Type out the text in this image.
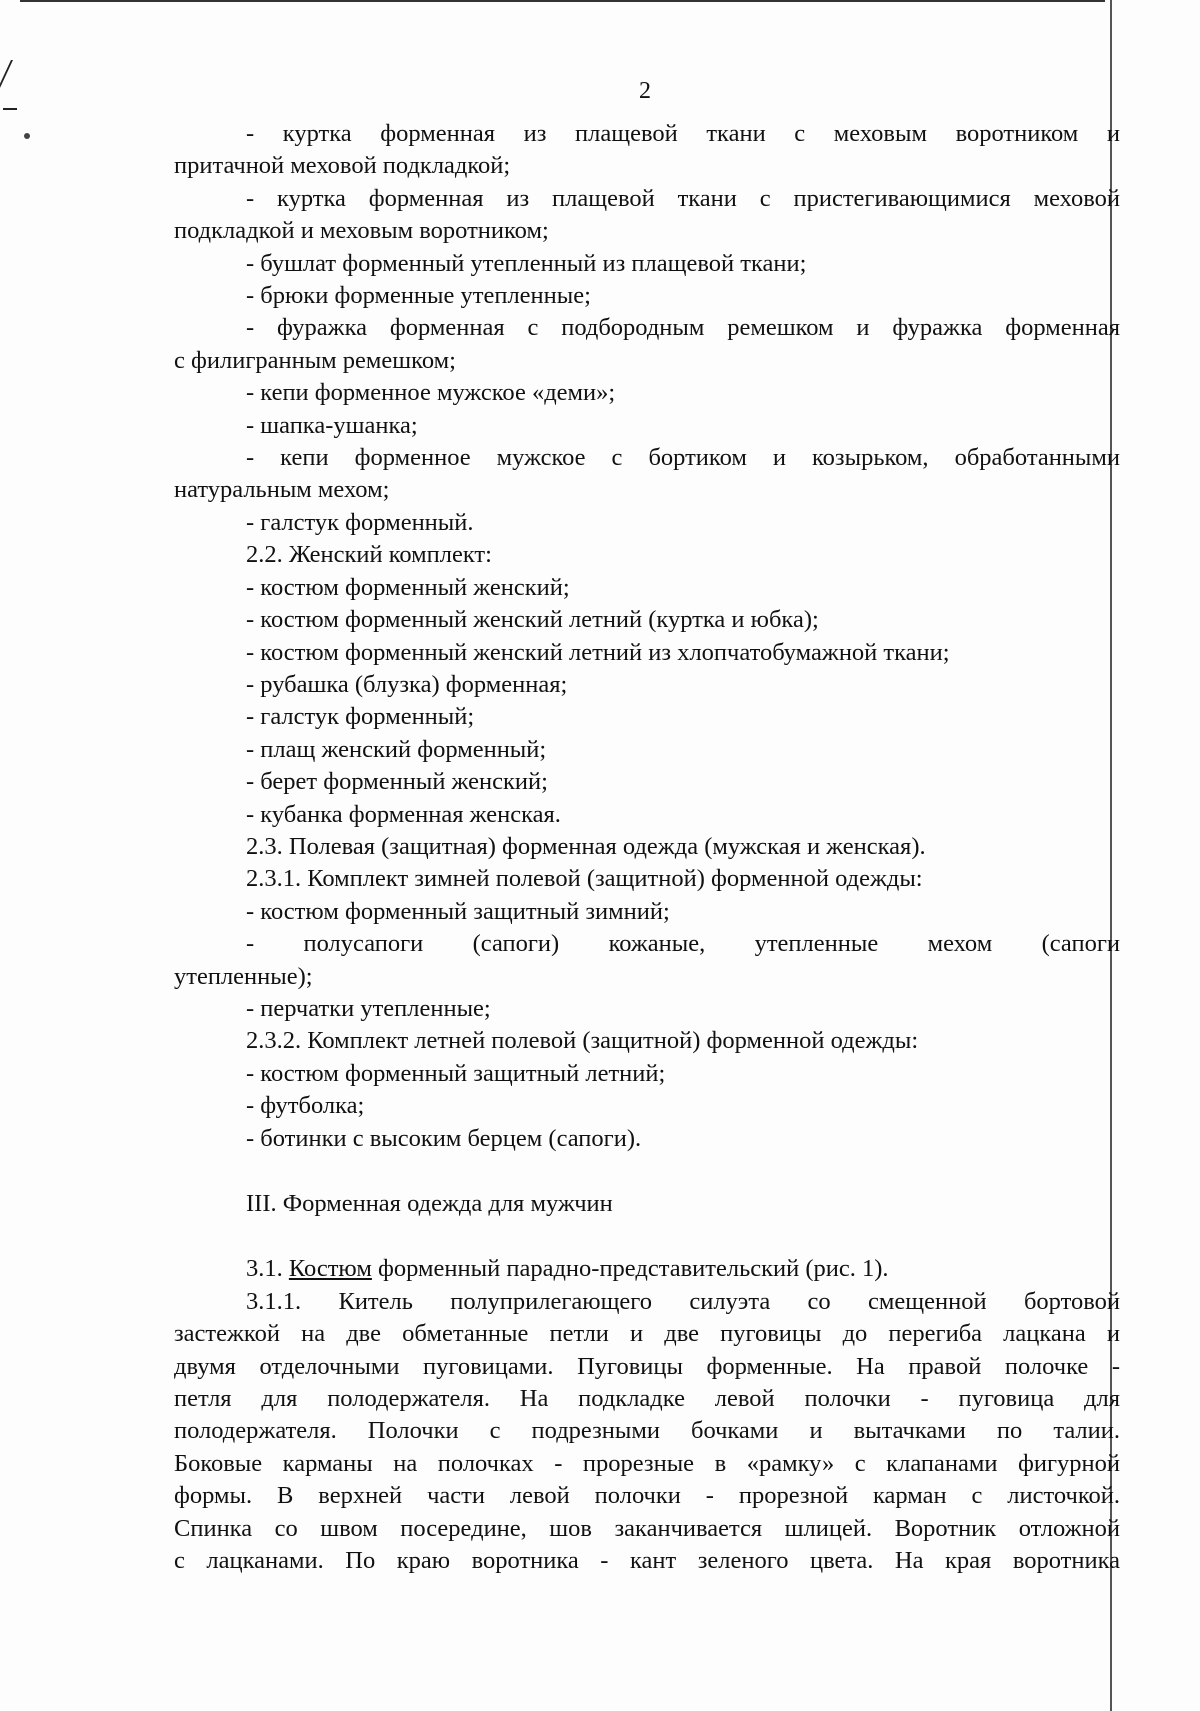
2
- куртка форменная из плащевой ткани с меховым воротником и
притачной меховой подкладкой;
- куртка форменная из плащевой ткани с пристегивающимися меховой
подкладкой и меховым воротником;
- бушлат форменный утепленный из плащевой ткани;
- брюки форменные утепленные;
- фуражка форменная с подбородным ремешком и фуражка форменная
с филигранным ремешком;
- кепи форменное мужское «деми»;
- шапка-ушанка;
- кепи форменное мужское с бортиком и козырьком, обработанными
натуральным мехом;
- галстук форменный.
2.2. Женский комплект:
- костюм форменный женский;
- костюм форменный женский летний (куртка и юбка);
- костюм форменный женский летний из хлопчатобумажной ткани;
- рубашка (блузка) форменная;
- галстук форменный;
- плащ женский форменный;
- берет форменный женский;
- кубанка форменная женская.
2.3. Полевая (защитная) форменная одежда (мужская и женская).
2.3.1. Комплект зимней полевой (защитной) форменной одежды:
- костюм форменный защитный зимний;
- полусапоги (сапоги) кожаные, утепленные мехом (сапоги
утепленные);
- перчатки утепленные;
2.3.2. Комплект летней полевой (защитной) форменной одежды:
- костюм форменный защитный летний;
- футболка;
- ботинки с высоким берцем (сапоги).
III. Форменная одежда для мужчин
3.1. Костюм форменный парадно-представительский (рис. 1).
3.1.1. Китель полуприлегающего силуэта со смещенной бортовой
застежкой на две обметанные петли и две пуговицы до перегиба лацкана и
двумя отделочными пуговицами. Пуговицы форменные. На правой полочке -
петля для полодержателя. На подкладке левой полочки - пуговица для
полодержателя. Полочки с подрезными бочками и вытачками по талии.
Боковые карманы на полочках - прорезные в «рамку» с клапанами фигурной
формы. В верхней части левой полочки - прорезной карман с листочкой.
Спинка со швом посередине, шов заканчивается шлицей. Воротник отложной
с лацканами. По краю воротника - кант зеленого цвета. На края воротника
